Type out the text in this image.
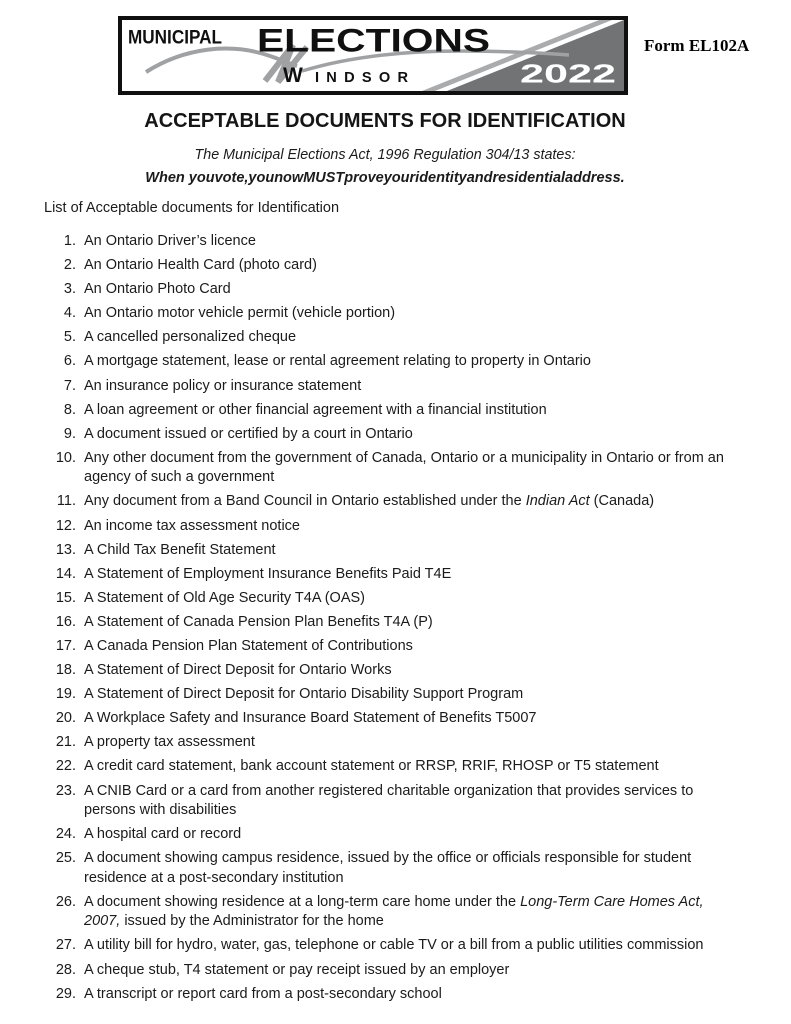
MUNICIPAL ELECTIONS
W INDSOR	2022
Form EL102A
ACCEPTABLE DOCUMENTS FOR IDENTIFICATION

The Municipal Elections Act, 1996 Regulation 304/13 states:

When youvote,younowMUSTproveyouridentityandresidentialaddress.

List of Acceptable documents for Identification

1. An Ontario Driver’s licence
2. An Ontario Health Card (photo card)
3. An Ontario Photo Card
4. An Ontario motor vehicle permit (vehicle portion)
5. A cancelled personalized cheque
6. A mortgage statement, lease or rental agreement relating to property in Ontario
7. An insurance policy or insurance statement
8. A loan agreement or other financial agreement with a financial institution
9. A document issued or certified by a court in Ontario
10. Any other document from the government of Canada, Ontario or a municipality in Ontario or from an
agency of such a government
11. Any document from a Band Council in Ontario established under the Indian Act (Canada)
12. An income tax assessment notice
13. A Child Tax Benefit Statement
14. A Statement of Employment Insurance Benefits Paid T4E
15. A Statement of Old Age Security T4A (OAS)
16. A Statement of Canada Pension Plan Benefits T4A (P)
17. A Canada Pension Plan Statement of Contributions
18. A Statement of Direct Deposit for Ontario Works
19. A Statement of Direct Deposit for Ontario Disability Support Program
20. A Workplace Safety and Insurance Board Statement of Benefits T5007
21. A property tax assessment
22. A credit card statement, bank account statement or RRSP, RRIF, RHOSP or T5 statement
23. A CNIB Card or a card from another registered charitable organization that provides services to
persons with disabilities
24. A hospital card or record
25. A document showing campus residence, issued by the office or officials responsible for student
residence at a post-secondary institution
26. A document showing residence at a long-term care home under the Long-Term Care Homes Act,
2007, issued by the Administrator for the home
27. A utility bill for hydro, water, gas, telephone or cable TV or a bill from a public utilities commission
28. A cheque stub, T4 statement or pay receipt issued by an employer
29. A transcript or report card from a post-secondary school
